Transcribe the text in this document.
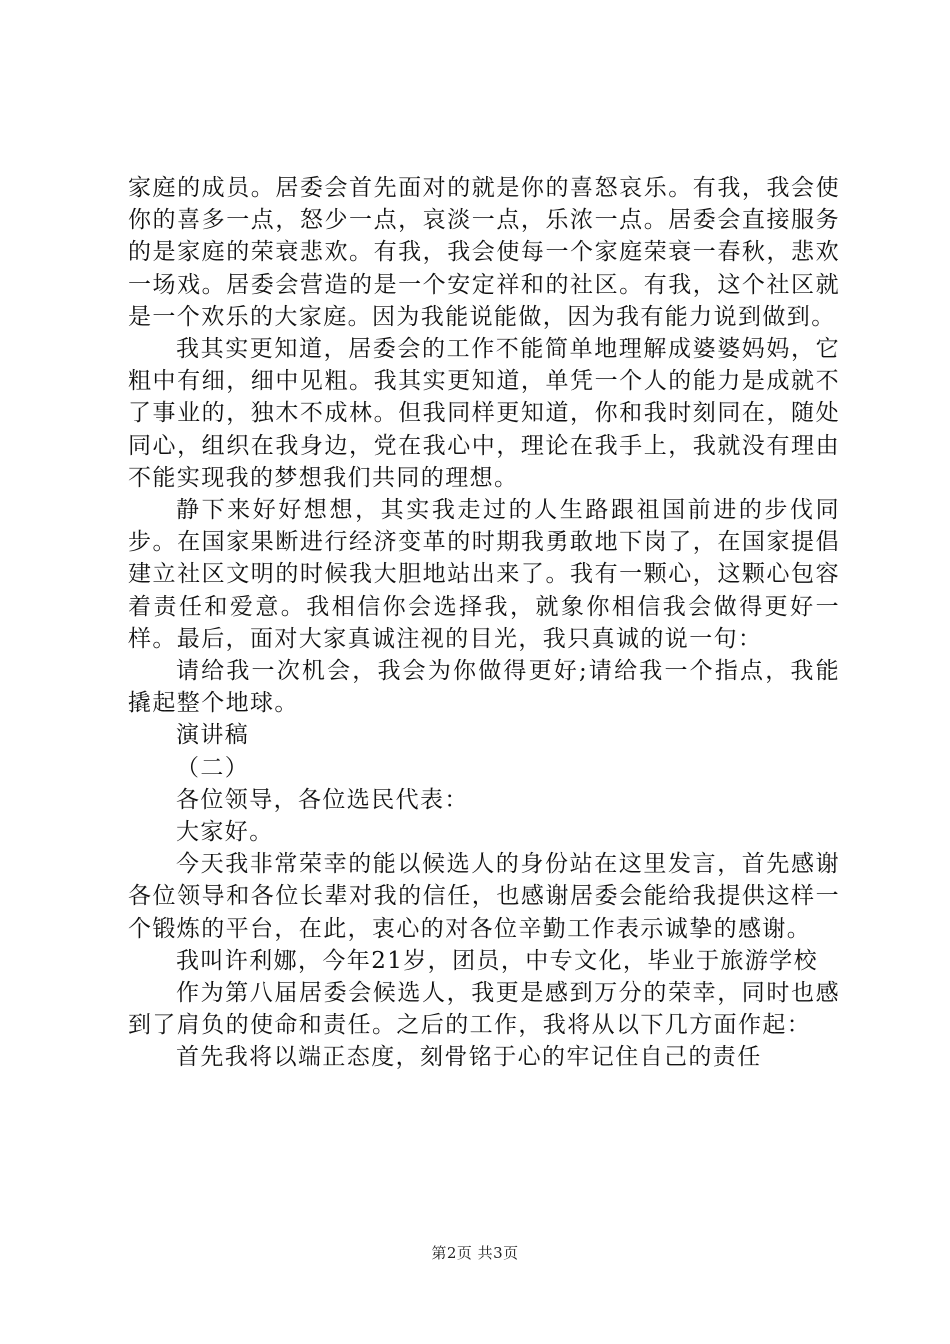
家庭的成员。居委会首先面对的就是你的喜怒哀乐。有我，我会使你的喜多一点，怒少一点，哀淡一点，乐浓一点。居委会直接服务的是家庭的荣衰悲欢。有我，我会使每一个家庭荣衰一春秋，悲欢一场戏。居委会营造的是一个安定祥和的社区。有我，这个社区就是一个欢乐的大家庭。因为我能说能做，因为我有能力说到做到。

我其实更知道，居委会的工作不能简单地理解成婆婆妈妈，它粗中有细，细中见粗。我其实更知道，单凭一个人的能力是成就不了事业的，独木不成林。但我同样更知道，你和我时刻同在，随处同心，组织在我身边，党在我心中，理论在我手上，我就没有理由不能实现我的梦想我们共同的理想。

静下来好好想想，其实我走过的人生路跟祖国前进的步伐同步。在国家果断进行经济变革的时期我勇敢地下岗了，在国家提倡建立社区文明的时候我大胆地站出来了。我有一颗心，这颗心包容着责任和爱意。我相信你会选择我，就象你相信我会做得更好一样。最后，面对大家真诚注视的目光，我只真诚的说一句：

请给我一次机会，我会为你做得更好;请给我一个指点，我能撬起整个地球。

演讲稿

（二）

各位领导，各位选民代表：

大家好。

今天我非常荣幸的能以候选人的身份站在这里发言，首先感谢各位领导和各位长辈对我的信任，也感谢居委会能给我提供这样一个锻炼的平台，在此，衷心的对各位辛勤工作表示诚挚的感谢。

我叫许利娜，今年21岁，团员，中专文化，毕业于旅游学校

作为第八届居委会候选人，我更是感到万分的荣幸，同时也感到了肩负的使命和责任。之后的工作，我将从以下几方面作起：

首先我将以端正态度，刻骨铭于心的牢记住自己的责任

第2页 共3页
